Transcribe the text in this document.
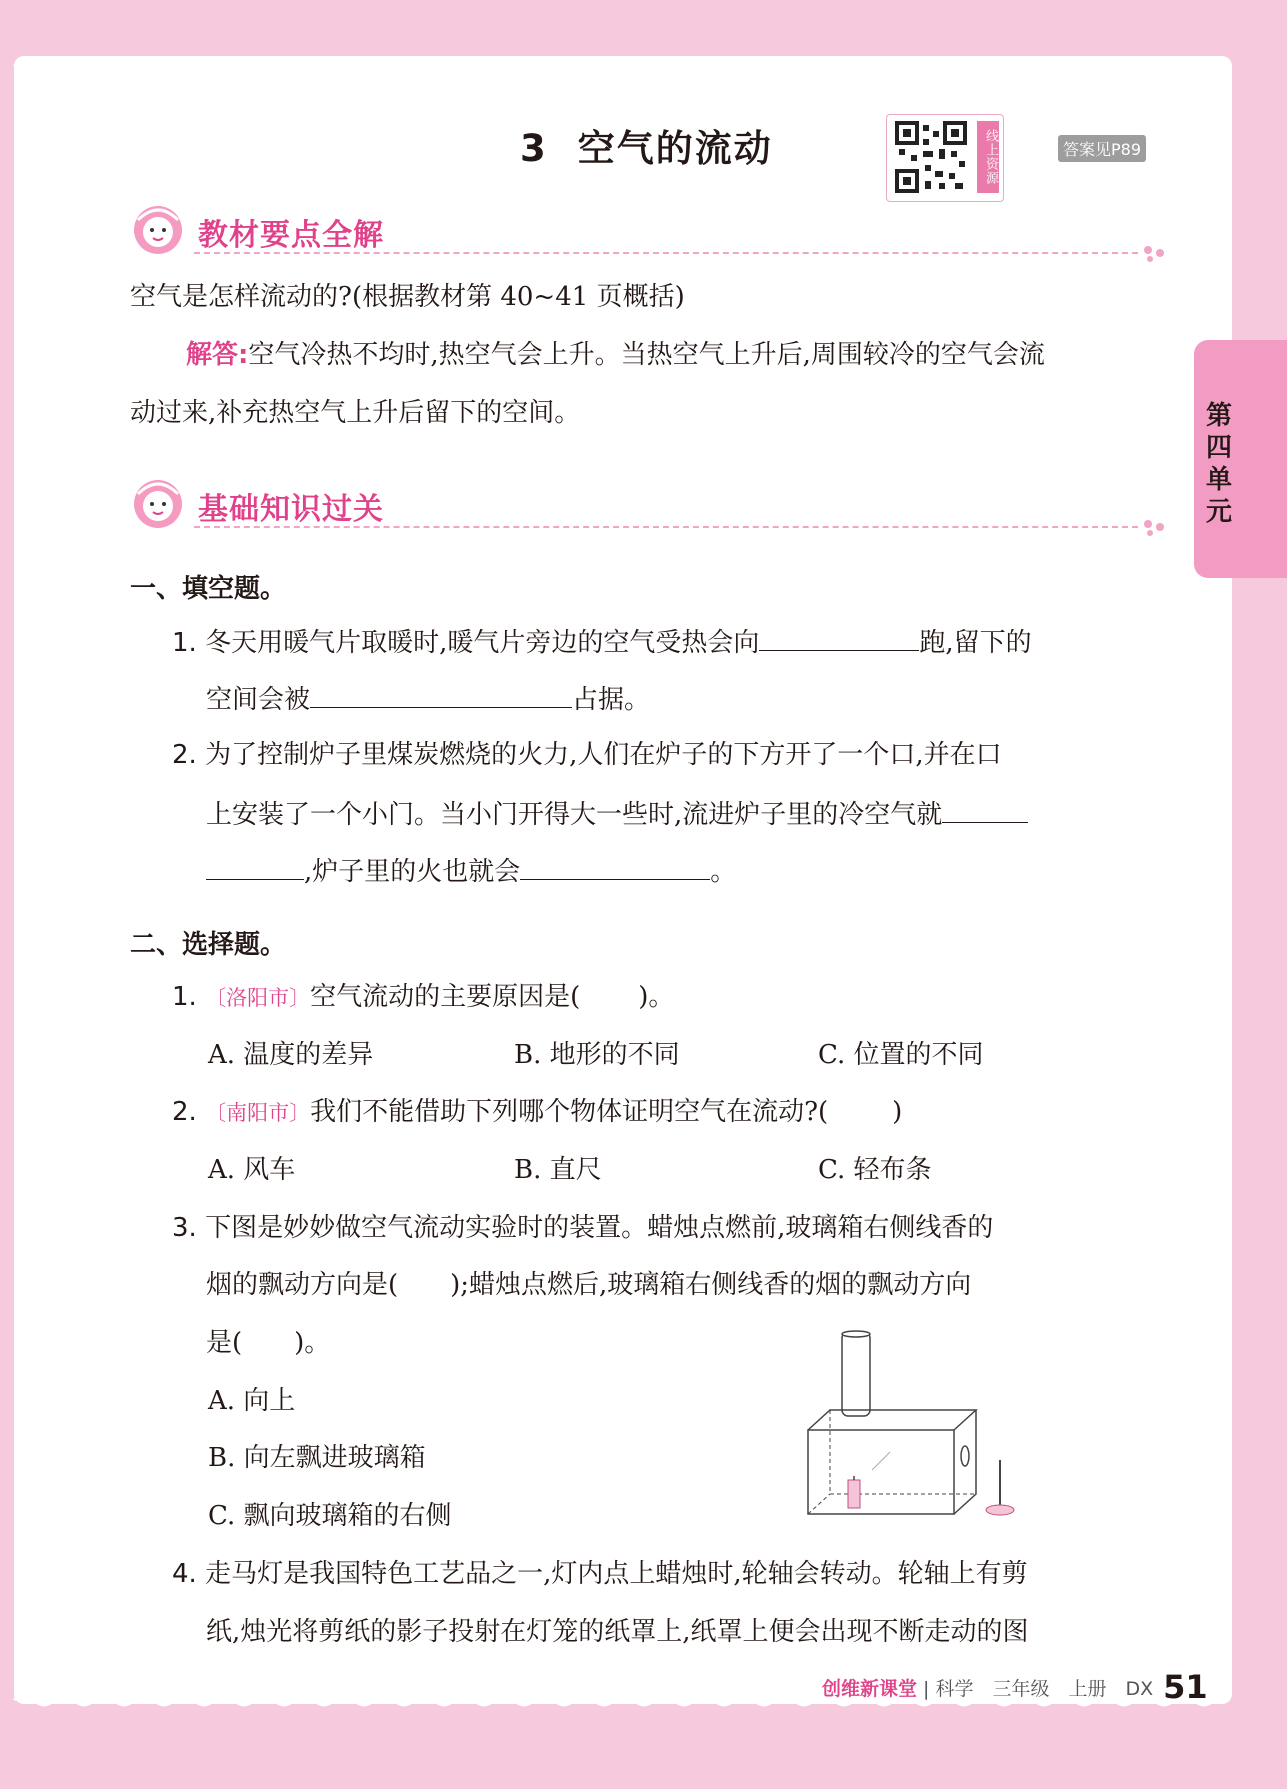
3 空气的流动	线上资源	答案见P89
第四单元
教材要点全解
空气是怎样流动的?(根据教材第 40~41 页概括)
解答:空气冷热不均时,热空气会上升。当热空气上升后,周围较冷的空气会流
动过来,补充热空气上升后留下的空间。
基础知识过关
一、填空题。
1. 冬天用暖气片取暖时,暖气片旁边的空气受热会向	跑,留下的
空间会被	占据。
2. 为了控制炉子里煤炭燃烧的火力,人们在炉子的下方开了一个口,并在口
上安装了一个小门。当小门开得大一些时,流进炉子里的冷空气就
,炉子里的火也就会	。
二、选择题。
1. 〔洛阳市〕空气流动的主要原因是( )。
A. 温度的差异	B. 地形的不同	C. 位置的不同
2. 〔南阳市〕我们不能借助下列哪个物体证明空气在流动?( )
A. 风车	B. 直尺	C. 轻布条
3. 下图是妙妙做空气流动实验时的装置。蜡烛点燃前,玻璃箱右侧线香的
烟的飘动方向是(　　);蜡烛点燃后,玻璃箱右侧线香的烟的飘动方向
是(　　)。
A. 向上
B. 向左飘进玻璃箱
C. 飘向玻璃箱的右侧
4. 走马灯是我国特色工艺品之一,灯内点上蜡烛时,轮轴会转动。轮轴上有剪
纸,烛光将剪纸的影子投射在灯笼的纸罩上,纸罩上便会出现不断走动的图
创维新课堂 | 科学　三年级　上册　DX 51
